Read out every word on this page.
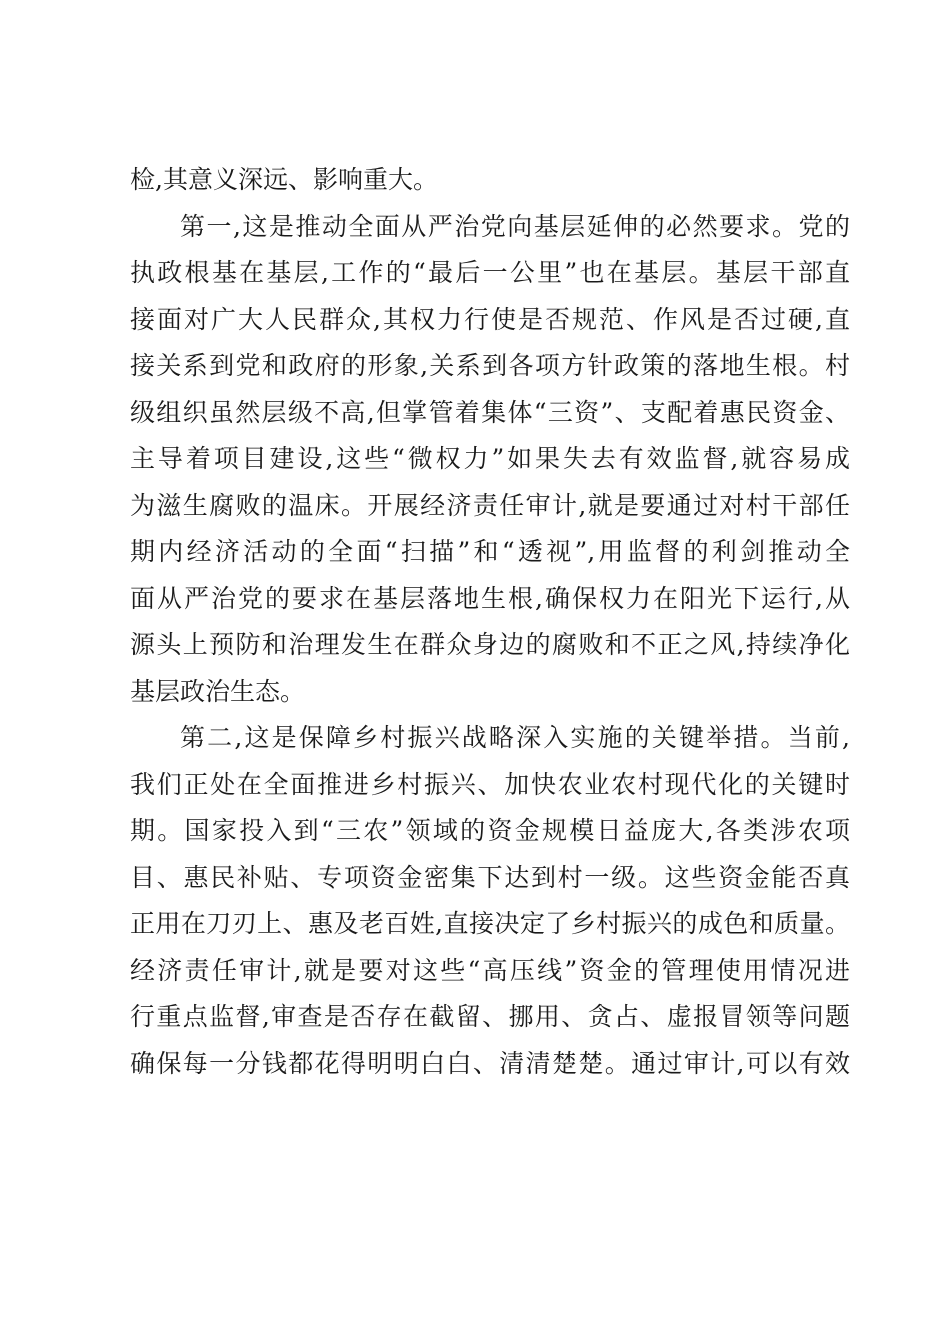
检,其意义深远、影响重大。
第一,这是推动全面从严治党向基层延伸的必然要求。党的
执政根基在基层,工作的“最后一公里”也在基层。基层干部直
接面对广大人民群众,其权力行使是否规范、作风是否过硬,直
接关系到党和政府的形象,关系到各项方针政策的落地生根。村
级组织虽然层级不高,但掌管着集体“三资”、支配着惠民资金、
主导着项目建设,这些“微权力”如果失去有效监督,就容易成
为滋生腐败的温床。开展经济责任审计,就是要通过对村干部任
期内经济活动的全面“扫描”和“透视”,用监督的利剑推动全
面从严治党的要求在基层落地生根,确保权力在阳光下运行,从
源头上预防和治理发生在群众身边的腐败和不正之风,持续净化
基层政治生态。
第二,这是保障乡村振兴战略深入实施的关键举措。当前,
我们正处在全面推进乡村振兴、加快农业农村现代化的关键时
期。国家投入到“三农”领域的资金规模日益庞大,各类涉农项
目、惠民补贴、专项资金密集下达到村一级。这些资金能否真
正用在刀刃上、惠及老百姓,直接决定了乡村振兴的成色和质量。
经济责任审计,就是要对这些“高压线”资金的管理使用情况进
行重点监督,审查是否存在截留、挪用、贪占、虚报冒领等问题
确保每一分钱都花得明明白白、清清楚楚。通过审计,可以有效
